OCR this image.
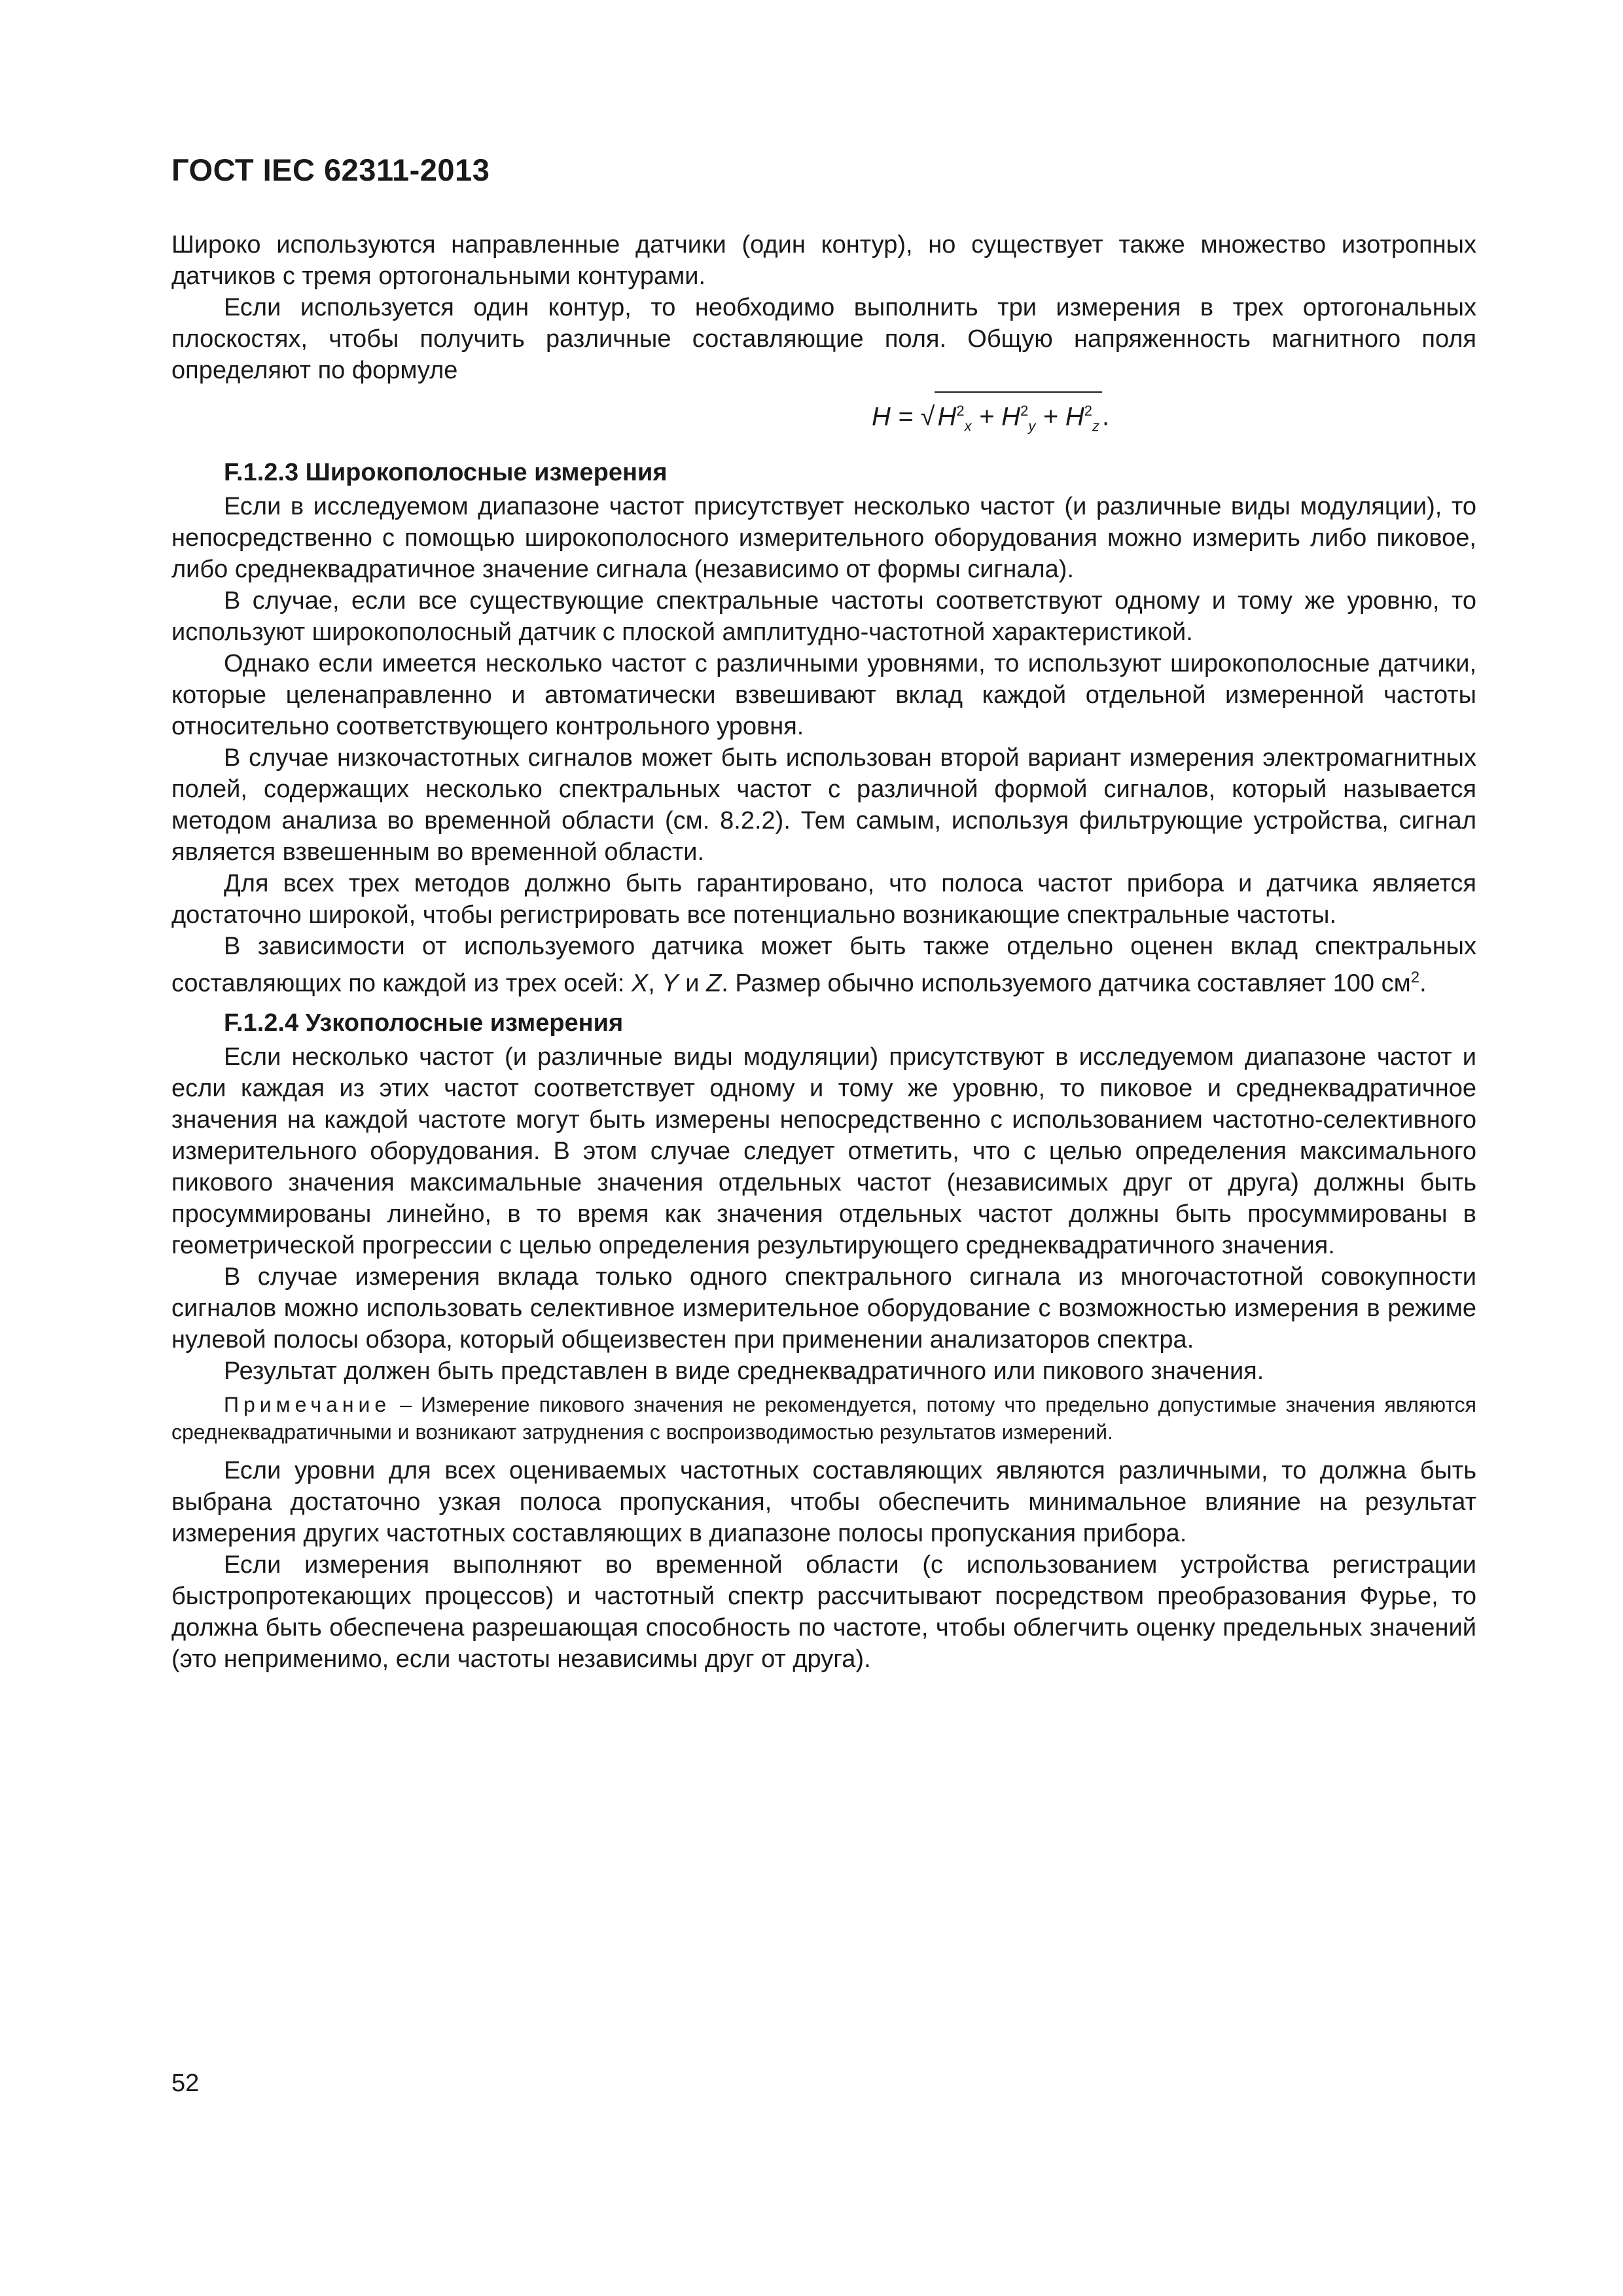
ГОСТ IEC 62311-2013

Широко используются направленные датчики (один контур), но существует также множество изотропных датчиков с тремя ортогональными контурами.

Если используется один контур, то необходимо выполнить три измерения в трех ортогональных плоскостях, чтобы получить различные составляющие поля. Общую напряженность магнитного поля определяют по формуле

H = √ $H^2_x + H^2_y + H^2_z$ .

F.1.2.3 Широкополосные измерения

Если в исследуемом диапазоне частот присутствует несколько частот (и различные виды модуляции), то непосредственно с помощью широкополосного измерительного оборудования можно измерить либо пиковое, либо среднеквадратичное значение сигнала (независимо от формы сигнала).

В случае, если все существующие спектральные частоты соответствуют одному и тому же уровню, то используют широкополосный датчик с плоской амплитудно-частотной характеристикой.

Однако если имеется несколько частот с различными уровнями, то используют широкополосные датчики, которые целенаправленно и автоматически взвешивают вклад каждой отдельной измеренной частоты относительно соответствующего контрольного уровня.

В случае низкочастотных сигналов может быть использован второй вариант измерения электромагнитных полей, содержащих несколько спектральных частот с различной формой сигналов, который называется методом анализа во временной области (см. 8.2.2). Тем самым, используя фильтрующие устройства, сигнал является взвешенным во временной области.

Для всех трех методов должно быть гарантировано, что полоса частот прибора и датчика является достаточно широкой, чтобы регистрировать все потенциально возникающие спектральные частоты.

В зависимости от используемого датчика может быть также отдельно оценен вклад спектральных составляющих по каждой из трех осей: X, Y и Z. Размер обычно используемого датчика составляет 100 $см^2$.

F.1.2.4 Узкополосные измерения

Если несколько частот (и различные виды модуляции) присутствуют в исследуемом диапазоне частот и если каждая из этих частот соответствует одному и тому же уровню, то пиковое и среднеквадратичное значения на каждой частоте могут быть измерены непосредственно с использованием частотно-селективного измерительного оборудования. В этом случае следует отметить, что с целью определения максимального пикового значения максимальные значения отдельных частот (независимых друг от друга) должны быть просуммированы линейно, в то время как значения отдельных частот должны быть просуммированы в геометрической прогрессии с целью определения результирующего среднеквадратичного значения.

В случае измерения вклада только одного спектрального сигнала из многочастотной совокупности сигналов можно использовать селективное измерительное оборудование с возможностью измерения в режиме нулевой полосы обзора, который общеизвестен при применении анализаторов спектра.

Результат должен быть представлен в виде среднеквадратичного или пикового значения.

Примечание – Измерение пикового значения не рекомендуется, потому что предельно допустимые значения являются среднеквадратичными и возникают затруднения с воспроизводимостью результатов измерений.

Если уровни для всех оцениваемых частотных составляющих являются различными, то должна быть выбрана достаточно узкая полоса пропускания, чтобы обеспечить минимальное влияние на результат измерения других частотных составляющих в диапазоне полосы пропускания прибора.

Если измерения выполняют во временной области (с использованием устройства регистрации быстропротекающих процессов) и частотный спектр рассчитывают посредством преобразования Фурье, то должна быть обеспечена разрешающая способность по частоте, чтобы облегчить оценку предельных значений (это неприменимо, если частоты независимы друг от друга).

52
